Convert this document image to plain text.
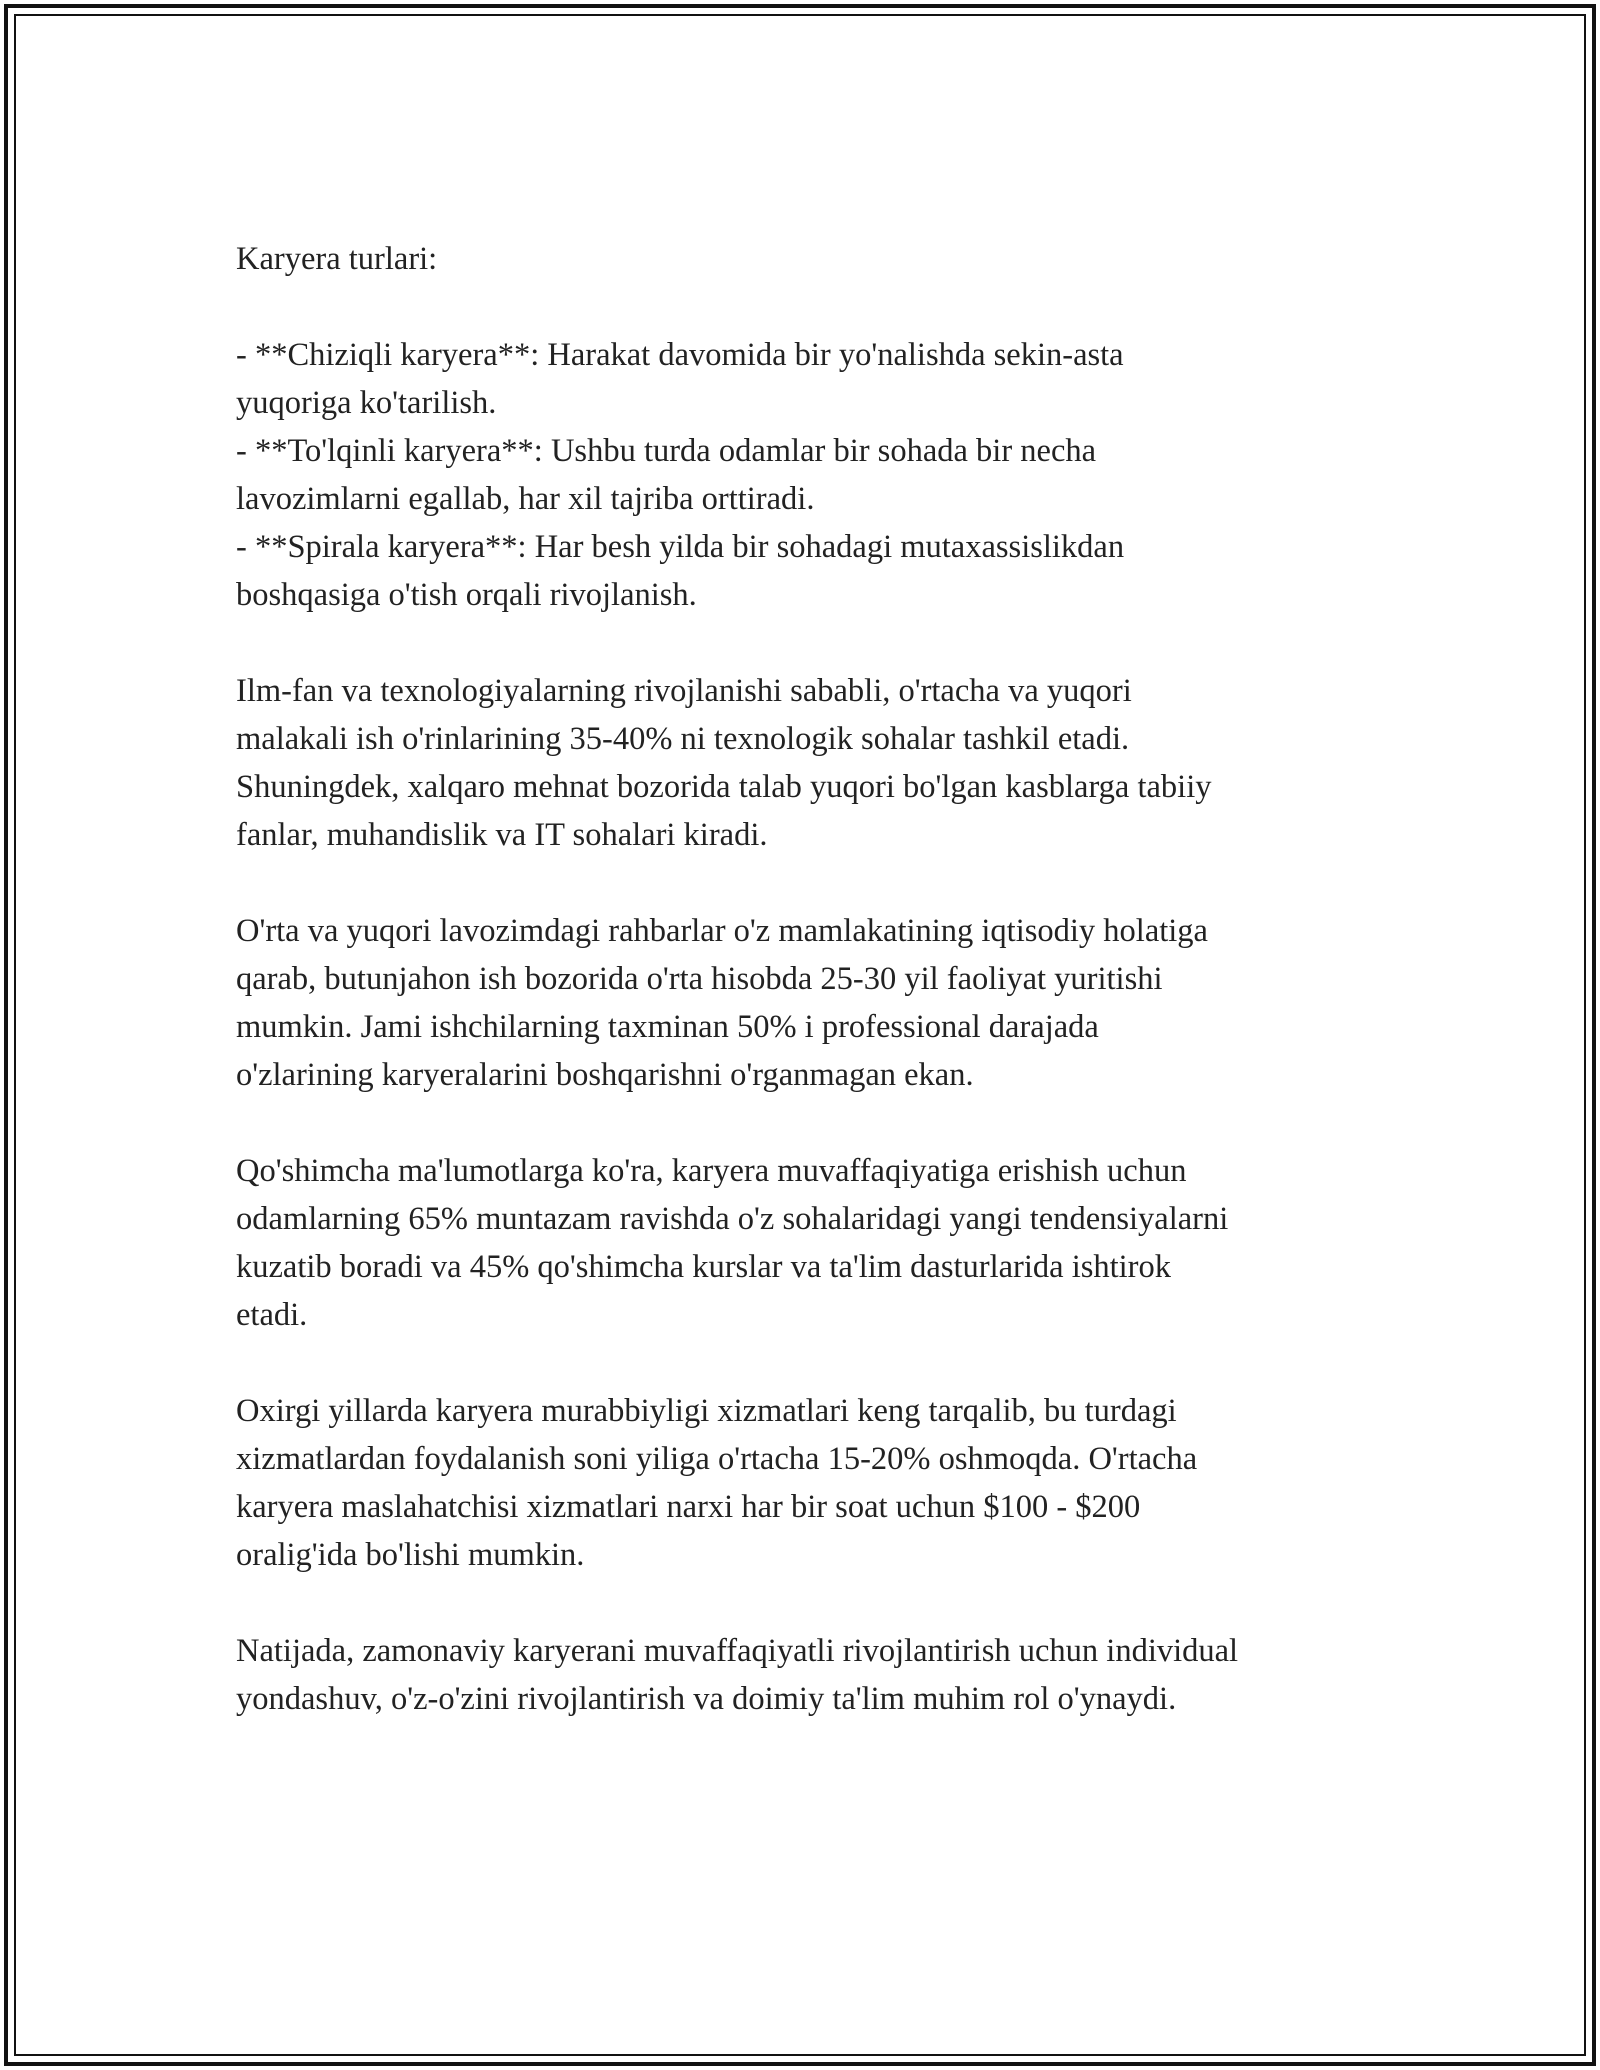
Karyera turlari:
- **Chiziqli karyera**: Harakat davomida bir yo'nalishda sekin-asta
yuqoriga ko'tarilish.
- **To'lqinli karyera**: Ushbu turda odamlar bir sohada bir necha
lavozimlarni egallab, har xil tajriba orttiradi.
- **Spirala karyera**: Har besh yilda bir sohadagi mutaxassislikdan
boshqasiga o'tish orqali rivojlanish.
Ilm-fan va texnologiyalarning rivojlanishi sababli, o'rtacha va yuqori
malakali ish o'rinlarining 35-40% ni texnologik sohalar tashkil etadi.
Shuningdek, xalqaro mehnat bozorida talab yuqori bo'lgan kasblarga tabiiy
fanlar, muhandislik va IT sohalari kiradi.
O'rta va yuqori lavozimdagi rahbarlar o'z mamlakatining iqtisodiy holatiga
qarab, butunjahon ish bozorida o'rta hisobda 25-30 yil faoliyat yuritishi
mumkin. Jami ishchilarning taxminan 50% i professional darajada
o'zlarining karyeralarini boshqarishni o'rganmagan ekan.
Qo'shimcha ma'lumotlarga ko'ra, karyera muvaffaqiyatiga erishish uchun
odamlarning 65% muntazam ravishda o'z sohalaridagi yangi tendensiyalarni
kuzatib boradi va 45% qo'shimcha kurslar va ta'lim dasturlarida ishtirok
etadi.
Oxirgi yillarda karyera murabbiyligi xizmatlari keng tarqalib, bu turdagi
xizmatlardan foydalanish soni yiliga o'rtacha 15-20% oshmoqda. O'rtacha
karyera maslahatchisi xizmatlari narxi har bir soat uchun $100 - $200
oralig'ida bo'lishi mumkin.
Natijada, zamonaviy karyerani muvaffaqiyatli rivojlantirish uchun individual
yondashuv, o'z-o'zini rivojlantirish va doimiy ta'lim muhim rol o'ynaydi.
